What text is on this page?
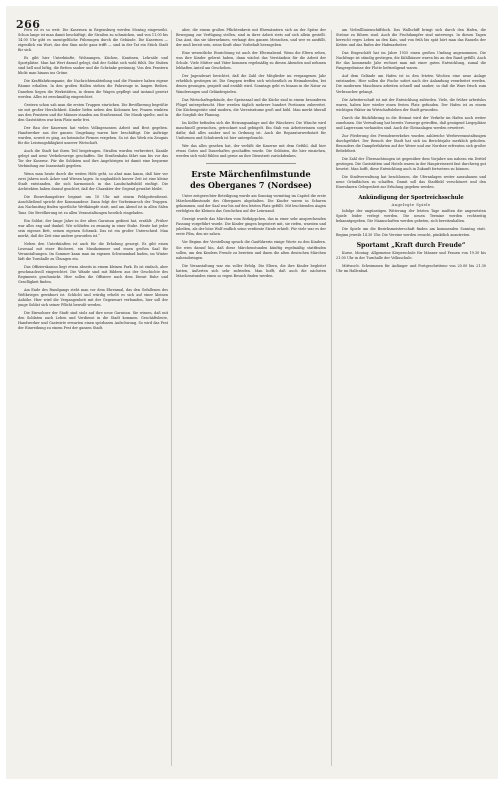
266

Fern ist es so weit: Die Kasernen in Regensburg werden Montag eingeweiht. Schon lange ist man damit beschäftigt, die Straßen zu schmücken, und von 11.00 bis 14.00 Uhr gibt es unentgeltliche Führungen durch die Gebäude. Die Kasernen — eigentlich ein Wort, das den Sinn nicht ganz trifft — sind in der Tat ein Stück Stadt für sich.

Es gibt hier Unterkünfte, Wohnungen, Küchen, Kantinen, Lehrsäle und Sportplätze. Man hat Wert darauf gelegt, daß der Soldat sich wohl fühlt. Die Stuben sind hell und luftig, die Betten sauber und die Schränke geräumig. Von den Fenstern blickt man hinaus ins Grüne.

Die Kraftfahrkompanie, die Nachrichtenabteilung und die Pioniere haben eigene Räume erhalten. In den großen Hallen stehen die Fahrzeuge in langen Reihen. Daneben liegen die Werkstätten, in denen die Wagen gepflegt und instand gesetzt werden. Alles ist zweckmäßig eingerichtet.

Gestern schon sah man die ersten Truppen einrücken. Die Bevölkerung begrüßte sie mit großer Herzlichkeit. Kinder liefen neben den Kolonnen her, Frauen winkten aus den Fenstern und die Männer standen am Straßenrand. Die Musik spielte, und in den Gaststätten war kein Platz mehr frei.

Der Bau der Kasernen hat vielen Volksgenossen Arbeit und Brot gegeben. Handwerker aus der ganzen Umgebung waren hier beschäftigt. Die Aufträge wurden, soweit es ging, an heimische Firmen vergeben. So ist das Werk ein Zeugnis für die Leistungsfähigkeit unserer Wirtschaft.

Auch die Stadt hat ihren Teil beigetragen. Straßen wurden verbreitert, Kanäle gelegt und neue Verkehrswege geschaffen. Die Straßenbahn fährt nun bis vor das Tor der Kaserne. Für die Soldaten und ihre Angehörigen ist damit eine bequeme Verbindung zur Innenstadt gegeben.

Wenn man heute durch die weiten Höfe geht, so ahnt man kaum, daß hier vor zwei Jahren noch Äcker und Wiesen lagen. In unglaublich kurzer Zeit ist eine kleine Stadt entstanden, die sich harmonisch in das Landschaftsbild einfügt. Die Architekten haben darauf geachtet, daß der Charakter der Gegend gewahrt bleibt.

Die Einweihungsfeier beginnt um 10 Uhr mit einem Feldgottesdienst. Anschließend spricht der Kommandeur. Dann folgt der Vorbeimarsch der Truppen. Am Nachmittag finden sportliche Wettkämpfe statt, und am Abend ist in allen Sälen Tanz. Die Bevölkerung ist zu allen Veranstaltungen herzlich eingeladen.

Ein Soldat, der lange Jahre in der alten Garnison gedient hat, erzählt: „Früher war alles eng und dunkel. Wir schliefen zu zwanzig in einer Stube. Heute hat jeder sein eigenes Bett, seinen eigenen Schrank. Das ist ein großer Unterschied. Man merkt, daß die Zeit eine andere geworden ist.“

Neben den Unterkünften ist auch für die Erholung gesorgt. Es gibt einen Lesesaal mit einer Bücherei, ein Musikzimmer und einen großen Saal für Veranstaltungen. Im Sommer kann man im eigenen Schwimmbad baden, im Winter lädt die Turnhalle zu Übungen ein.

Das Offizierskasino liegt etwas abseits in einem kleinen Park. Es ist einfach, aber geschmackvoll eingerichtet. Die Wände sind mit Bildern aus der Geschichte des Regiments geschmückt. Hier sollen die Offiziere nach dem Dienst Ruhe und Geselligkeit finden.

Am Ende des Rundgangs steht man vor dem Ehrenmal, das den Gefallenen des Weltkrieges gewidmet ist. Schlicht und würdig erhebt es sich auf einer kleinen Anhöhe. Hier wird die Vergangenheit mit der Gegenwart verbunden, hier soll der junge Soldat sich seiner Pflicht bewußt werden.

Die Einwohner der Stadt sind stolz auf ihre neue Garnison. Sie wissen, daß mit den Soldaten auch Leben und Verdienst in die Stadt kommen. Geschäftsleute, Handwerker und Gastwirte erwarten einen spürbaren Aufschwung. So wird das Fest der Einweihung zu einem Fest der ganzen Stadt.

aber, die einem großen Pflichtenkreis mit Ehrenämtern sich an der Spitze der Bewegung zur Verfügung stellen, sind in ihrer Arbeit stets auf sich allein gestellt. Das Amt, das sie übernehmen, verlangt den ganzen Menschen, und wer es ausfüllt, der muß bereit sein, seine Kraft ohne Vorbehalt herzugeben.

Eine wesentliche Einrichtung ist auch der Elternabend. Wenn die Eltern sehen, was ihre Kinder gelernt haben, dann wächst das Verständnis für die Arbeit der Schule. Viele Mütter und Väter kommen regelmäßig zu diesen Abenden und nehmen lebhaften Anteil am Geschehen.

Der Jugendwart berichtet, daß die Zahl der Mitglieder im vergangenen Jahr erheblich gestiegen ist. Die Gruppen treffen sich wöchentlich zu Heimabenden, bei denen gesungen, gespielt und erzählt wird. Sonntags geht es hinaus in die Natur zu Wanderungen und Geländespielen.

Das Wirtschaftsgebäude, der Speisesaal und die Küche sind in einem besonderen Flügel untergebracht. Hier werden täglich mehrere hundert Portionen zubereitet. Die Küchengeräte sind modern, die Vorratsräume groß und kühl. Man merkt überall die Sorgfalt der Planung.

Im Keller befinden sich die Heizungsanlage und die Wäscherei. Die Wäsche wird maschinell gewaschen, getrocknet und gebügelt. Ein Stab von Arbeiterinnen sorgt dafür, daß alles sauber und in Ordnung ist. Auch die Reparaturwerkstatt für Uniformen und Schuhwerk ist hier untergebracht.

Wer das alles gesehen hat, der verläßt die Kaserne mit dem Gefühl, daß hier etwas Gutes und Dauerhaftes geschaffen wurde. Die Soldaten, die hier einziehen, werden sich wohl fühlen und gerne an ihre Dienstzeit zurückdenken.

Erste Märchenfilmstunde
des Oberganes 7 (Nordsee)

Unter zeitgerechter Beteiligung wurde am Sonntag vormittag im Capitol die erste Märchenfilmstunde des Obergaues abgehalten. Die Kinder waren in Scharen gekommen, und der Saal war bis auf den letzten Platz gefüllt. Mit leuchtenden Augen verfolgten die Kleinen das Geschehen auf der Leinwand.

Gezeigt wurde das Märchen vom Rotkäppchen, das in einer sehr ansprechenden Fassung vorgeführt wurde. Die Kinder gingen begeistert mit, sie riefen, warnten und jubelten, als der böse Wolf endlich seine verdiente Strafe erhielt. Für viele war es der erste Film, den sie sahen.

Vor Beginn der Vorstellung sprach die Gauführerin einige Worte zu den Kindern. Sie wies darauf hin, daß diese Märchenstunden künftig regelmäßig stattfinden sollen, um den Kindern Freude zu bereiten und ihnen die alten deutschen Märchen nahezubringen.

Die Veranstaltung war ein voller Erfolg. Die Eltern, die ihre Kinder begleitet hatten, äußerten sich sehr zufrieden. Man hofft, daß auch die nächsten Märchenstunden einen so regen Besuch finden werden.

am Vielrolllinienschiffdock. Das Wallschiff bringt sich durch den Hafen, die Ströme zu führen sind. Auch die Fischdampfer sind unterwegs. In diesen Tagen herrscht reges Leben an den Kais, und von früh bis spät hört man das Rasseln der Ketten und das Rufen der Hafenarbeiter.

Das Eisgeschäft hat im Jahre 1935 einen großen Umfang angenommen. Die Nachfrage ist ständig gestiegen, die Kühlhäuser waren bis an den Rand gefüllt. Auch für das kommende Jahr rechnet man mit einer guten Entwicklung, zumal die Fangergebnisse der Flotte befriedigend waren.

Auf dem Gelände am Hafen ist in den letzten Wochen eine neue Anlage entstanden. Hier sollen die Fische sofort nach der Anlandung verarbeitet werden. Die modernen Maschinen arbeiten schnell und sauber, so daß die Ware frisch zum Verbraucher gelangt.

Die Arbeiterschaft ist mit der Entwicklung zufrieden. Viele, die früher arbeitslos waren, haben hier wieder einen festen Platz gefunden. Der Hafen ist zu einem wichtigen Faktor im Wirtschaftsleben der Stadt geworden.

Durch die Rückführung in die Heimat wird der Verkehr im Hafen noch weiter zunehmen. Die Verwaltung hat bereits Vorsorge getroffen, daß genügend Liegeplätze und Lagerraum vorhanden sind. Auch die Gleisanlagen werden erweitert.

Zur Förderung des Fremdenverkehrs wurden zahlreiche Werbeveranstaltungen durchgeführt. Der Besuch der Stadt hat sich im Berichtsjahr merklich gehoben. Besonders die Dampferfahrten auf der Weser und zur Nordsee erfreuten sich großer Beliebtheit.

Die Zahl der Übernachtungen ist gegenüber dem Vorjahre um nahezu ein Drittel gestiegen. Die Gaststätten und Hotels waren in der Hauptreisezeit fast durchweg gut besetzt. Man hofft, diese Entwicklung auch in Zukunft fortsetzen zu können.

Die Stadtverwaltung hat beschlossen, die Uferanlagen weiter auszubauen und neue Grünflächen zu schaffen. Damit soll das Stadtbild verschönert und den Einwohnern Gelegenheit zur Erholung gegeben werden.

Ankündigung der Sportreichsschule
Angelegte Spiele

Infolge der ungünstigen Witterung der letzten Tage mußten die angesetzten Spiele leider verlegt werden. Die neuen Termine werden rechtzeitig bekanntgegeben. Die Mannschaften werden gebeten, sich bereitzuhalten.

Die Spiele um die Bezirksmeisterschaft finden am kommenden Sonntag statt. Beginn jeweils 14.30 Uhr. Die Vereine werden ersucht, pünktlich anzutreten.

Sportamt „Kraft durch Freude“

Kurse, Montag: Allgemeine Körperschule für Männer und Frauen von 19.30 bis 21.00 Uhr in der Turnhalle der Volksschule.

Mittwoch: Schwimmen für Anfänger und Fortgeschrittene von 20.00 bis 21.30 Uhr im Hallenbad.
